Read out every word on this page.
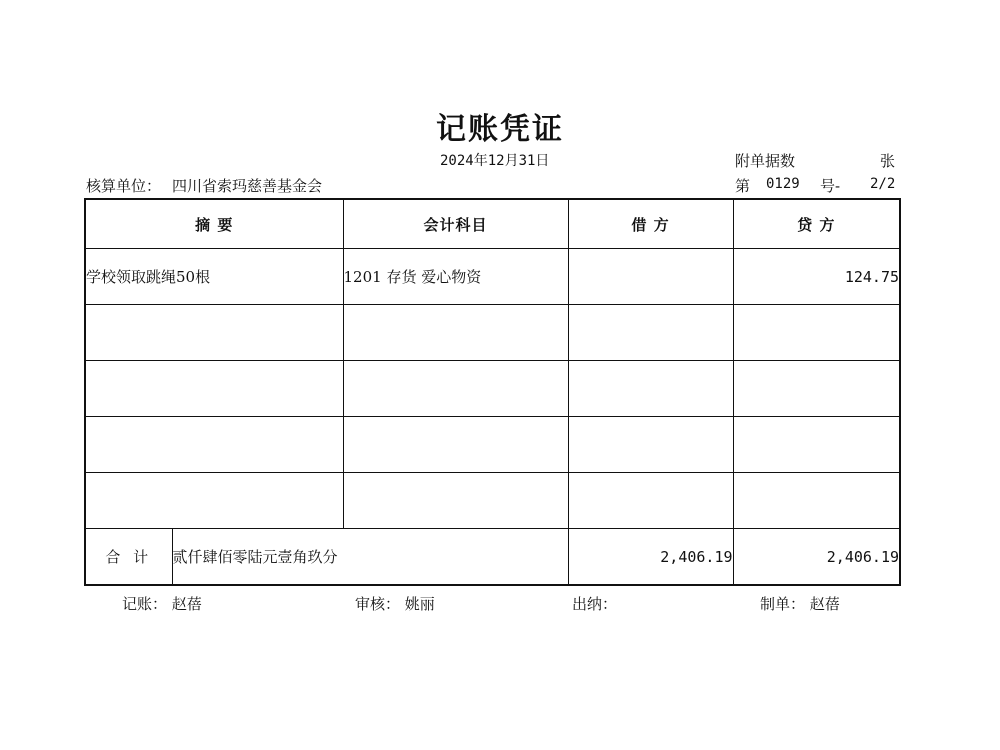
记账凭证
2024年12月31日	附单据数	张
核算单位： 四川省索玛慈善基金会	第 0129 号- 2/2
摘 要		会计科目	借 方	贷 方
学校领取跳绳50根		1201 存货 爱心物资		124.75

合 计	贰仟肆佰零陆元壹角玖分		2,406.19	2,406.19
记账： 赵蓓	审核： 姚丽	出纳：	制单： 赵蓓
